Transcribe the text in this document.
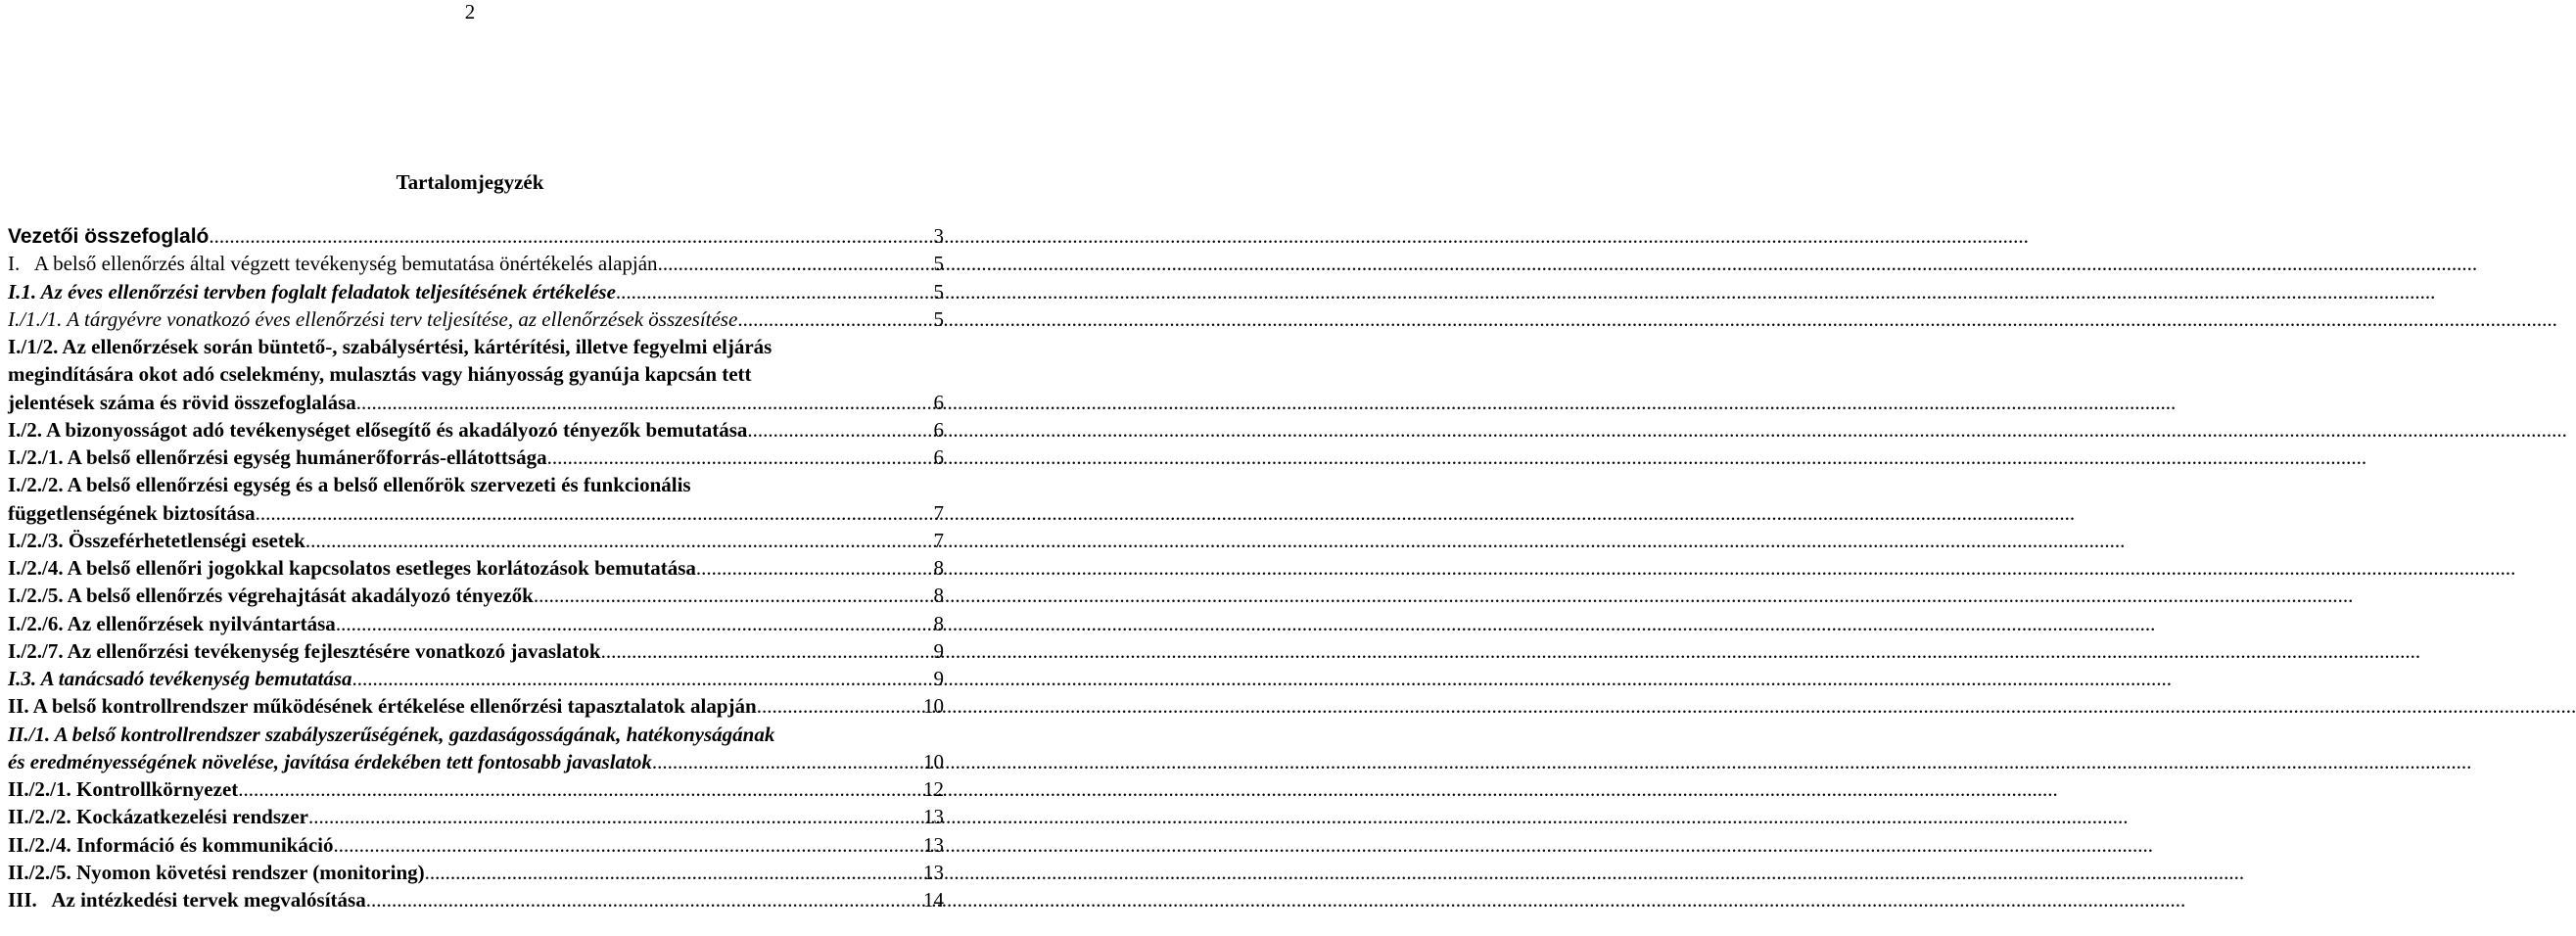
2
Tartalomjegyzék
Vezetői összefoglaló .....	3
I.   A belső ellenőrzés által végzett tevékenység bemutatása önértékelés alapján .....	5
I.1. Az éves ellenőrzési tervben foglalt feladatok teljesítésének értékelése .....	5
I./1./1. A tárgyévre vonatkozó éves ellenőrzési terv teljesítése, az ellenőrzések összesítése .....	5
I./1/2. Az ellenőrzések során büntető-, szabálysértési, kártérítési, illetve fegyelmi eljárás
megindítására okot adó cselekmény, mulasztás vagy hiányosság gyanúja kapcsán tett
jelentések száma és rövid összefoglalása .....	6
I./2. A bizonyosságot adó tevékenységet elősegítő és akadályozó tényezők bemutatása .....	6
I./2./1. A belső ellenőrzési egység humánerőforrás-ellátottsága .....	6
I./2./2. A belső ellenőrzési egység és a belső ellenőrök szervezeti és funkcionális
függetlenségének biztosítása .....	7
I./2./3. Összeférhetetlenségi esetek .....	7
I./2./4. A belső ellenőri jogokkal kapcsolatos esetleges korlátozások bemutatása .....	8
I./2./5. A belső ellenőrzés végrehajtását akadályozó tényezők .....	8
I./2./6. Az ellenőrzések nyilvántartása .....	8
I./2./7. Az ellenőrzési tevékenység fejlesztésére vonatkozó javaslatok .....	9
I.3. A tanácsadó tevékenység bemutatása .....	9
II. A belső kontrollrendszer működésének értékelése ellenőrzési tapasztalatok alapján .....	10
II./1. A belső kontrollrendszer szabályszerűségének, gazdaságosságának, hatékonyságának
és eredményességének növelése, javítása érdekében tett fontosabb javaslatok .....	10
II./2./1. Kontrollkörnyezet .....	12
II./2./2. Kockázatkezelési rendszer .....	13
II./2./4. Információ és kommunikáció .....	13
II./2./5. Nyomon követési rendszer (monitoring) .....	13
III.   Az intézkedési tervek megvalósítása .....	14
